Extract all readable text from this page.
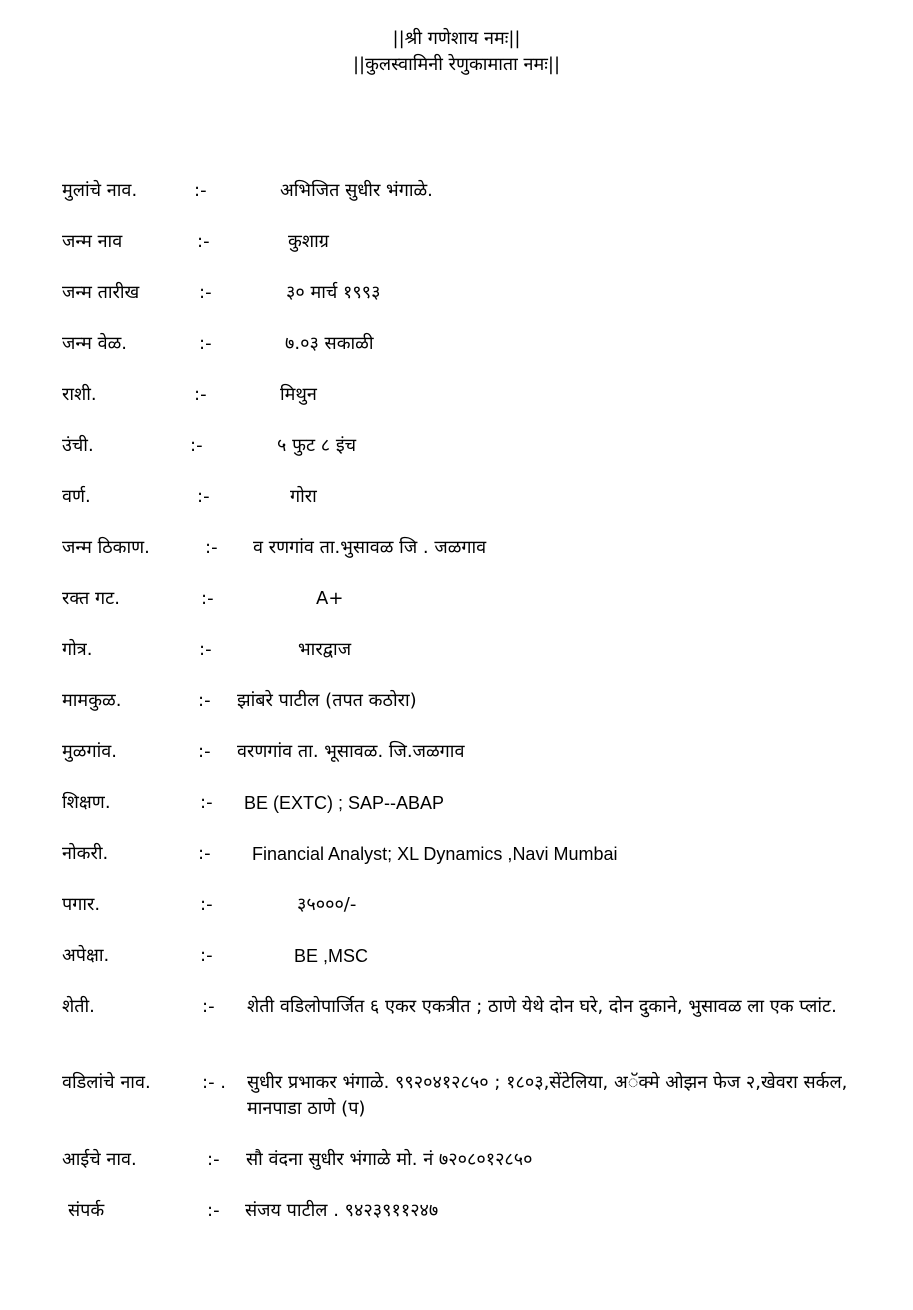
||श्री गणेशाय नमः||
||कुलस्वामिनी रेणुकामाता नमः||
मुलांचे नाव.	:-	अभिजित सुधीर भंगाळे.
जन्म नाव	:-	कुशाग्र
जन्म तारीख	:-	३० मार्च १९९३
जन्म वेळ.	:-	७.०३ सकाळी
राशी.	:-	मिथुन
उंची.	:-	५ फुट ८ इंच
वर्ण.	:-	गोरा
जन्म ठिकाण.	:- व रणगांव ता.भुसावळ जि . जळगाव
रक्त गट.	:-	A+
गोत्र.	:-	भारद्वाज
मामकुळ.	:- झांबरे पाटील (तपत कठोरा)
मुळगांव.	:- वरणगांव ता. भूसावळ. जि.जळगाव
शिक्षण.	:- BE (EXTC) ; SAP--ABAP
नोकरी.	:- Financial Analyst; XL Dynamics ,Navi Mumbai
पगार.	:-	३५०००/-
अपेक्षा.	:-	BE ,MSC
शेती.	:- शेती वडिलोपार्जित ६ एकर एकत्रीत ; ठाणे येथे दोन घरे, दोन दुकाने, भुसावळ ला एक प्लांट.
वडिलांचे नाव.	:- . सुधीर प्रभाकर भंगाळे. ९९२०४१२८५० ; १८०३,सेंटेलिया, अॅक्मे ओझन फेज २,खेवरा सर्कल, मानपाडा ठाणे (प)
आईचे नाव.	:- सौ वंदना सुधीर भंगाळे मो. नं ७२०८०१२८५०
संपर्क	:- संजय पाटील . ९४२३९११२४७
